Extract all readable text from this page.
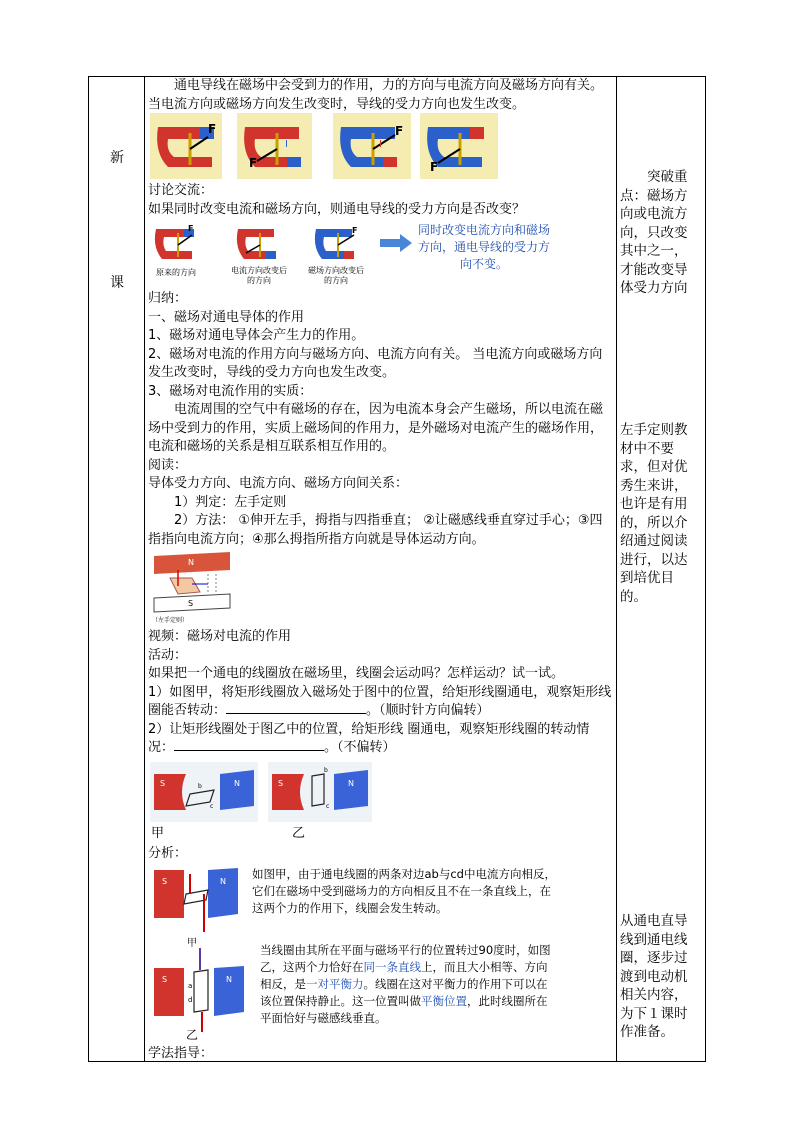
新
课
突破重点：磁场方向或电流方向，只改变其中之一，才能改变导体受力方向
左手定则教材中不要求，但对优秀生来讲，也许是有用的，所以介绍通过阅读进行，以达到培优目的。
从通电直导线到通电线圈，逐步过渡到电动机相关内容，为下１课时作准备。

通电导线在磁场中会受到力的作用，力的方向与电流方向及磁场方向有关。 当电流方向或磁场方向发生改变时，导线的受力方向也发生改变。

F
I
F
F
I
F

讨论交流：

如果同时改变电流和磁场方向，则通电导线的受力方向是否改变？

F	F
原来的方向	电流方向改变后的方向
磁场方向改变后的方向
同时改变电流方向和磁场方向，通电导线的受力方向不变。

归纳：

一、磁场对通电导体的作用

1、磁场对通电导体会产生力的作用。

2、磁场对电流的作用方向与磁场方向、电流方向有关。 当电流方向或磁场方向发生改变时，导线的受力方向也发生改变。

3、磁场对电流作用的实质：

电流周围的空气中有磁场的存在，因为电流本身会产生磁场，所以电流在磁场中受到力的作用，实质上磁场间的作用力，是外磁场对电流产生的磁场作用，电流和磁场的关系是相互联系相互作用的。

阅读：

导体受力方向、电流方向、磁场方向间关系：

1）判定：左手定则

2）方法： ①伸开左手，拇指与四指垂直； ②让磁感线垂直穿过手心；③四指指向电流方向；④那么拇指所指方向就是导体运动方向。

N
S
（左手定则）

视频：磁场对电流的作用

活动：

如果把一个通电的线圈放在磁场里，线圈会运动吗？怎样运动？试一试。

1）如图甲，将矩形线圈放入磁场处于图中的位置，给矩形线圈通电，观察矩形线圈能否转动：	。（顺时针方向偏转）

2）让矩形线圈处于图乙中的位置，给矩形线 圈通电，观察矩形线圈的转动情况：	。（不偏转）

S	N
b
c
S	N
b
c
甲	乙
分析：
S	N
甲
如图甲，由于通电线圈的两条对边ab与cd中电流方向相反，它们在磁场中受到磁场力的方向相反且不在一条直线上，在这两个力的作用下，线圈会发生转动。
S	N
a
d
乙
当线圈由其所在平面与磁场平行的位置转过90度时，如图乙，这两个力恰好在同一条直线上，而且大小相等、方向相反，是一对平衡力。线圈在这对平衡力的作用下可以在该位置保持静止。这一位置叫做平衡位置，此时线圈所在平面恰好与磁感线垂直。
学法指导：
